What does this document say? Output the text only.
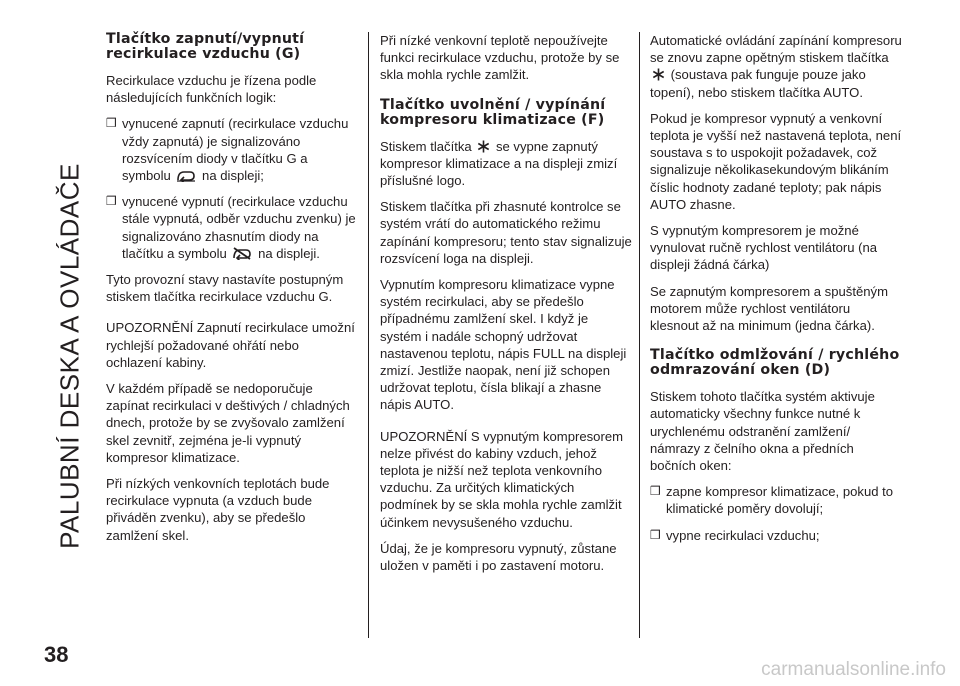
PALUBNÍ DESKA A OVLÁDAČE
Tlačítko zapnutí/vypnutí recirkulace vzduchu (G)

Recirkulace vzduchu je řízena podle následujících funkčních logik:

❒ vynucené zapnutí (recirkulace vzduchu vždy zapnutá) je signalizováno rozsvícením diody v tlačítku G a symbolu na displeji;
❒ vynucené vypnutí (recirkulace vzduchu stále vypnutá, odběr vzduchu zvenku) je signalizováno zhasnutím diody na tlačítku a symbolu na displeji.

Tyto provozní stavy nastavíte postupným stiskem tlačítka recirkulace vzduchu G.

UPOZORNĚNÍ Zapnutí recirkulace umožní rychlejší požadované ohřátí nebo ochlazení kabiny.

V každém případě se nedoporučuje zapínat recirkulaci v deštivých / chladných dnech, protože by se zvyšovalo zamlžení skel zevnitř, zejména je-li vypnutý kompresor klimatizace.

Při nízkých venkovních teplotách bude recirkulace vypnuta (a vzduch bude přiváděn zvenku), aby se předešlo zamlžení skel.

Při nízké venkovní teplotě nepoužívejte funkci recirkulace vzduchu, protože by se skla mohla rychle zamlžit.

Tlačítko uvolnění / vypínání kompresoru klimatizace (F)

Stiskem tlačítka se vypne zapnutý kompresor klimatizace a na displeji zmizí příslušné logo.

Stiskem tlačítka při zhasnuté kontrolce se systém vrátí do automatického režimu zapínání kompresoru; tento stav signalizuje rozsvícení loga na displeji.

Vypnutím kompresoru klimatizace vypne systém recirkulaci, aby se předešlo případnému zamlžení skel. I když je systém i nadále schopný udržovat nastavenou teplotu, nápis FULL na displeji zmizí. Jestliže naopak, není již schopen udržovat teplotu, čísla blikají a zhasne nápis AUTO.

UPOZORNĚNÍ S vypnutým kompresorem nelze přivést do kabiny vzduch, jehož teplota je nižší než teplota venkovního vzduchu. Za určitých klimatických podmínek by se skla mohla rychle zamlžit účinkem nevysušeného vzduchu.

Údaj, že je kompresoru vypnutý, zůstane uložen v paměti i po zastavení motoru.

Automatické ovládání zapínání kompresoru se znovu zapne opětným stiskem tlačítka  (soustava pak funguje pouze jako topení), nebo stiskem tlačítka AUTO.

Pokud je kompresor vypnutý a venkovní teplota je vyšší než nastavená teplota, není soustava s to uspokojit požadavek, což signalizuje několikasekundovým blikáním číslic hodnoty zadané teploty; pak nápis AUTO zhasne.

S vypnutým kompresorem je možné vynulovat ručně rychlost ventilátoru (na displeji žádná čárka)

Se zapnutým kompresorem a spuštěným motorem může rychlost ventilátoru klesnout až na minimum (jedna čárka).

Tlačítko odmlžování / rychlého odmrazování oken (D)

Stiskem tohoto tlačítka systém aktivuje automaticky všechny funkce nutné k urychlenému odstranění zamlžení/ námrazy z čelního okna a předních bočních oken:

❒ zapne kompresor klimatizace, pokud to klimatické poměry dovolují;
❒ vypne recirkulaci vzduchu;
38
carmanualsonline.info
